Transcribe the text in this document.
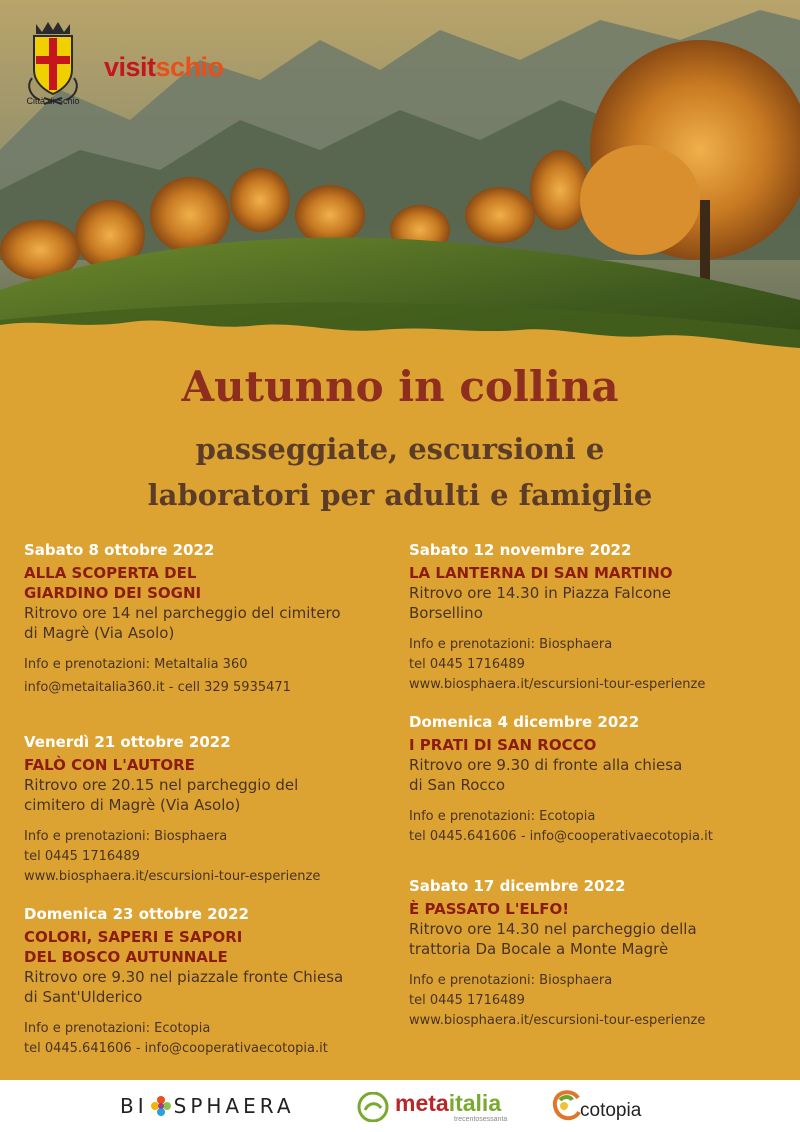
Città di Schio
visitschio
Autunno in collina
passeggiate, escursioni e
laboratori per adulti e famiglie
Sabato 8 ottobre 2022
ALLA SCOPERTA DEL
GIARDINO DEI SOGNI
Ritrovo ore 14 nel parcheggio del cimitero
di Magrè (Via Asolo)
Info e prenotazioni: MetaItalia 360
info@metaitalia360.it - cell 329 5935471
Venerdì 21 ottobre 2022
FALÒ CON L'AUTORE
Ritrovo ore 20.15 nel parcheggio del
cimitero di Magrè (Via Asolo)
Info e prenotazioni: Biosphaera
tel 0445 1716489
www.biosphaera.it/escursioni-tour-esperienze
Domenica 23 ottobre 2022
COLORI, SAPERI E SAPORI
DEL BOSCO AUTUNNALE
Ritrovo ore 9.30 nel piazzale fronte Chiesa
di Sant'Ulderico
Info e prenotazioni: Ecotopia
tel 0445.641606 - info@cooperativaecotopia.it
Sabato 12 novembre 2022
LA LANTERNA DI SAN MARTINO
Ritrovo ore 14.30 in Piazza Falcone
Borsellino
Info e prenotazioni: Biosphaera
tel 0445 1716489
www.biosphaera.it/escursioni-tour-esperienze
Domenica 4 dicembre 2022
I PRATI DI SAN ROCCO
Ritrovo ore 9.30 di fronte alla chiesa
di San Rocco
Info e prenotazioni: Ecotopia
tel 0445.641606 - info@cooperativaecotopia.it
Sabato 17 dicembre 2022
È PASSATO L'ELFO!
Ritrovo ore 14.30 nel parcheggio della
trattoria Da Bocale a Monte Magrè
Info e prenotazioni: Biosphaera
tel 0445 1716489
www.biosphaera.it/escursioni-tour-esperienze
BI SPHAERA	metaitalia
trecentosessanta	cotopia
